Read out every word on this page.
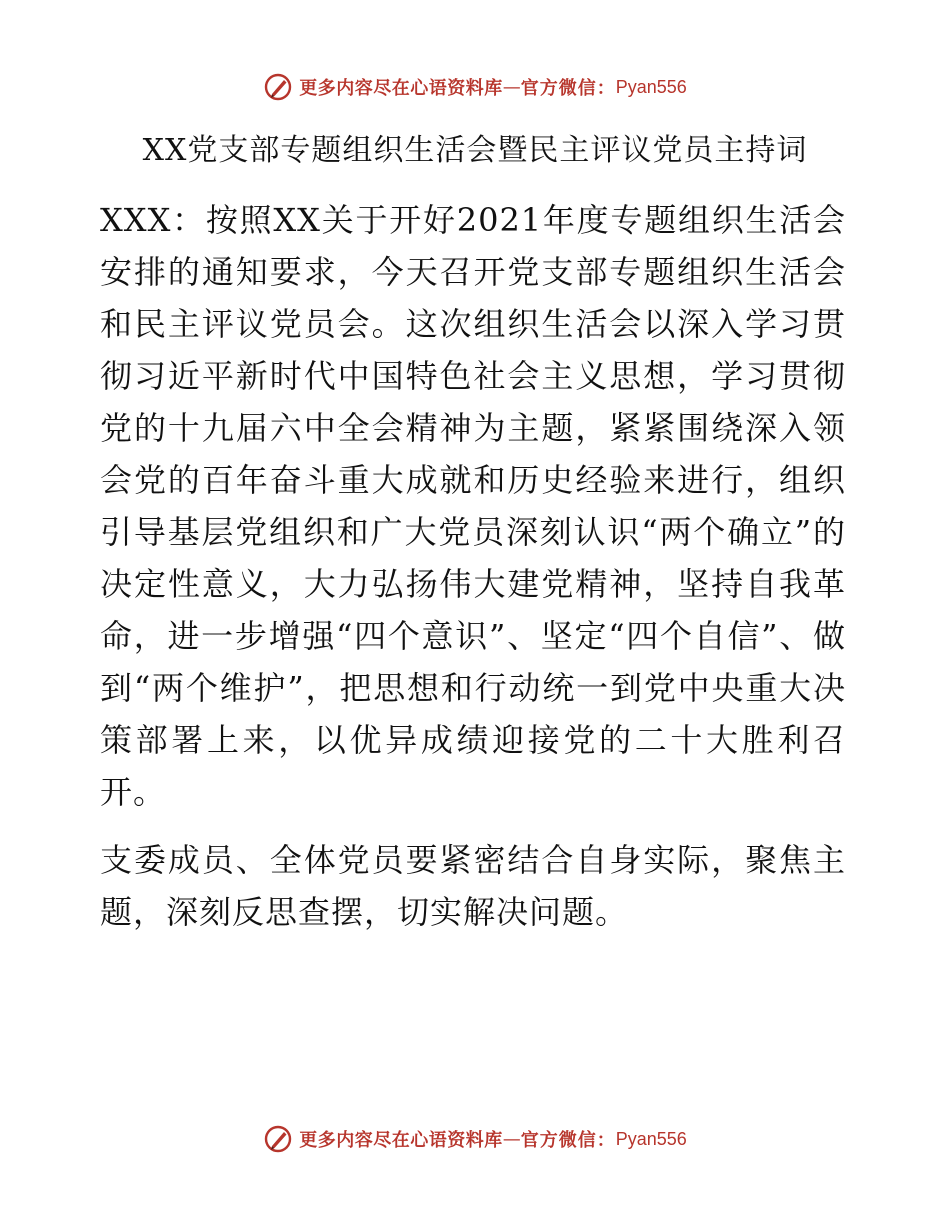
更多内容尽在心语资料库 — 官方微信： Pyan556
XX党支部专题组织生活会暨民主评议党员主持词

XXX：按照XX关于开好2021年度专题组织生活会安排的通知要求，今天召开党支部专题组织生活会和民主评议党员会。这次组织生活会以深入学习贯彻习近平新时代中国特色社会主义思想，学习贯彻党的十九届六中全会精神为主题，紧紧围绕深入领会党的百年奋斗重大成就和历史经验来进行，组织引导基层党组织和广大党员深刻认识“两个确立”的决定性意义，大力弘扬伟大建党精神，坚持自我革命，进一步增强“四个意识”、坚定“四个自信”、做到“两个维护”，把思想和行动统一到党中央重大决策部署上来，以优异成绩迎接党的二十大胜利召开。

支委成员、全体党员要紧密结合自身实际，聚焦主题，深刻反思查摆，切实解决问题。

更多内容尽在心语资料库 — 官方微信： Pyan556
